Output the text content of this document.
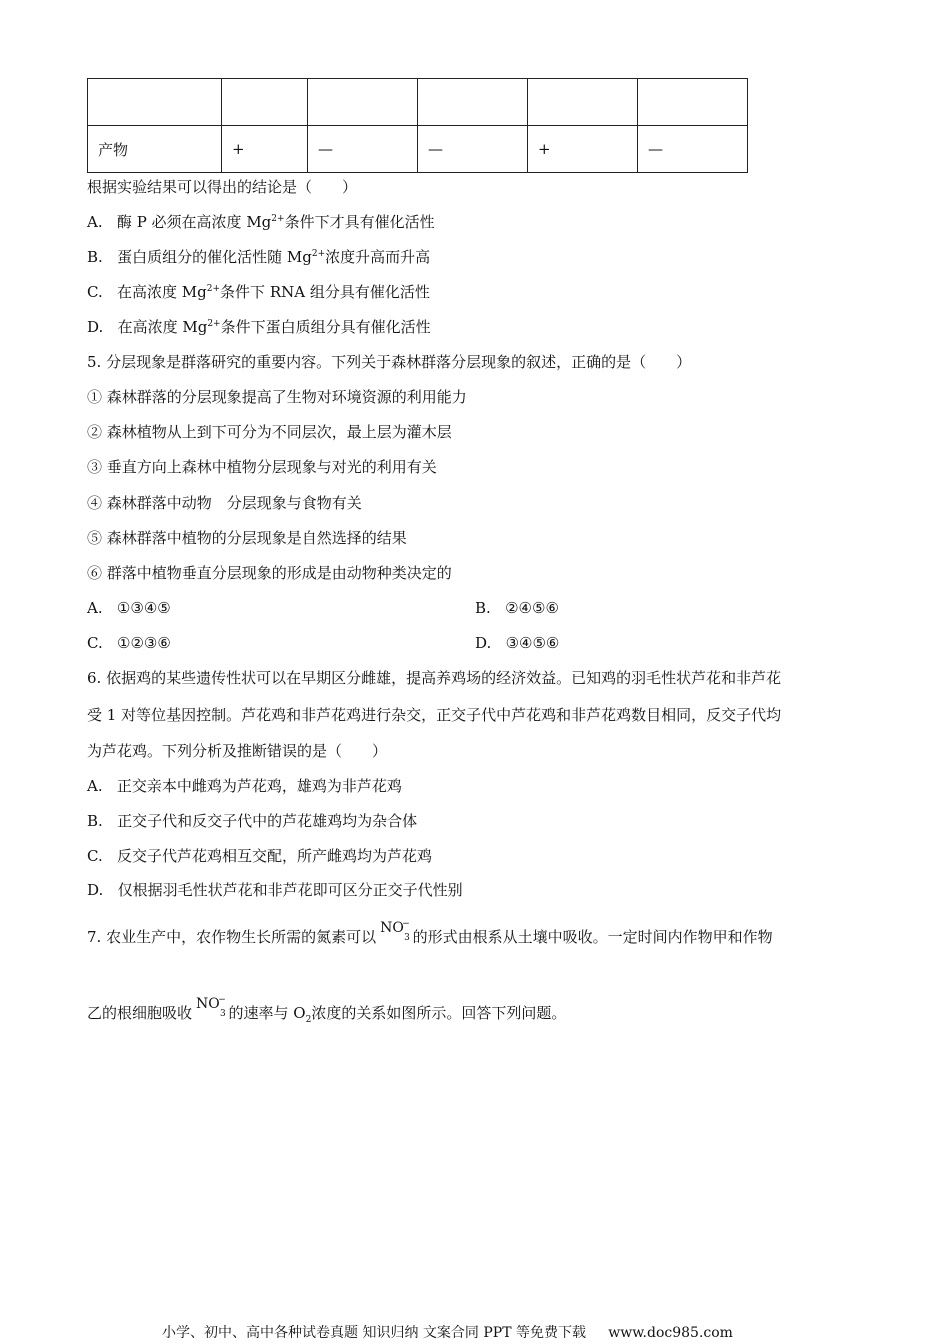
产物	+	—	—	+	—
根据实验结果可以得出的结论是（　　）
A. 酶 P 必须在高浓度 $Mg^{2+}$条件下才具有催化活性
B. 蛋白质组分的催化活性随 $Mg^{2+}$浓度升高而升高
C. 在高浓度 $Mg^{2+}$条件下 RNA 组分具有催化活性
D. 在高浓度 $Mg^{2+}$条件下蛋白质组分具有催化活性
5. 分层现象是群落研究的重要内容。下列关于森林群落分层现象的叙述，正确的是（　　）
① 森林群落的分层现象提高了生物对环境资源的利用能力
② 森林植物从上到下可分为不同层次，最上层为灌木层
③ 垂直方向上森林中植物分层现象与对光的利用有关
④ 森林群落中动物　分层现象与食物有关
⑤ 森林群落中植物的分层现象是自然选择的结果
⑥ 群落中植物垂直分层现象的形成是由动物种类决定的
A. ①③④⑤	B. ②④⑤⑥
C. ①②③⑥	D. ③④⑤⑥
6. 依据鸡的某些遗传性状可以在早期区分雌雄，提高养鸡场的经济效益。已知鸡的羽毛性状芦花和非芦花
受 1 对等位基因控制。芦花鸡和非芦花鸡进行杂交，正交子代中芦花鸡和非芦花鸡数目相同，反交子代均
为芦花鸡。下列分析及推断错误的是（　　）
A. 正交亲本中雌鸡为芦花鸡，雄鸡为非芦花鸡
B. 正交子代和反交子代中的芦花雄鸡均为杂合体
C. 反交子代芦花鸡相互交配，所产雌鸡均为芦花鸡
D. 仅根据羽毛性状芦花和非芦花即可区分正交子代性别
7. 农业生产中，农作物生长所需的氮素可以 NO
−
3 的形式由根系从土壤中吸收。一定时间内作物甲和作物
乙的根细胞吸收 NO
−
3 的速率与 $O_2$浓度的关系如图所示。回答下列问题。
小学、初中、高中各种试卷真题 知识归纳 文案合同 PPT 等免费下载 www.doc985.com
